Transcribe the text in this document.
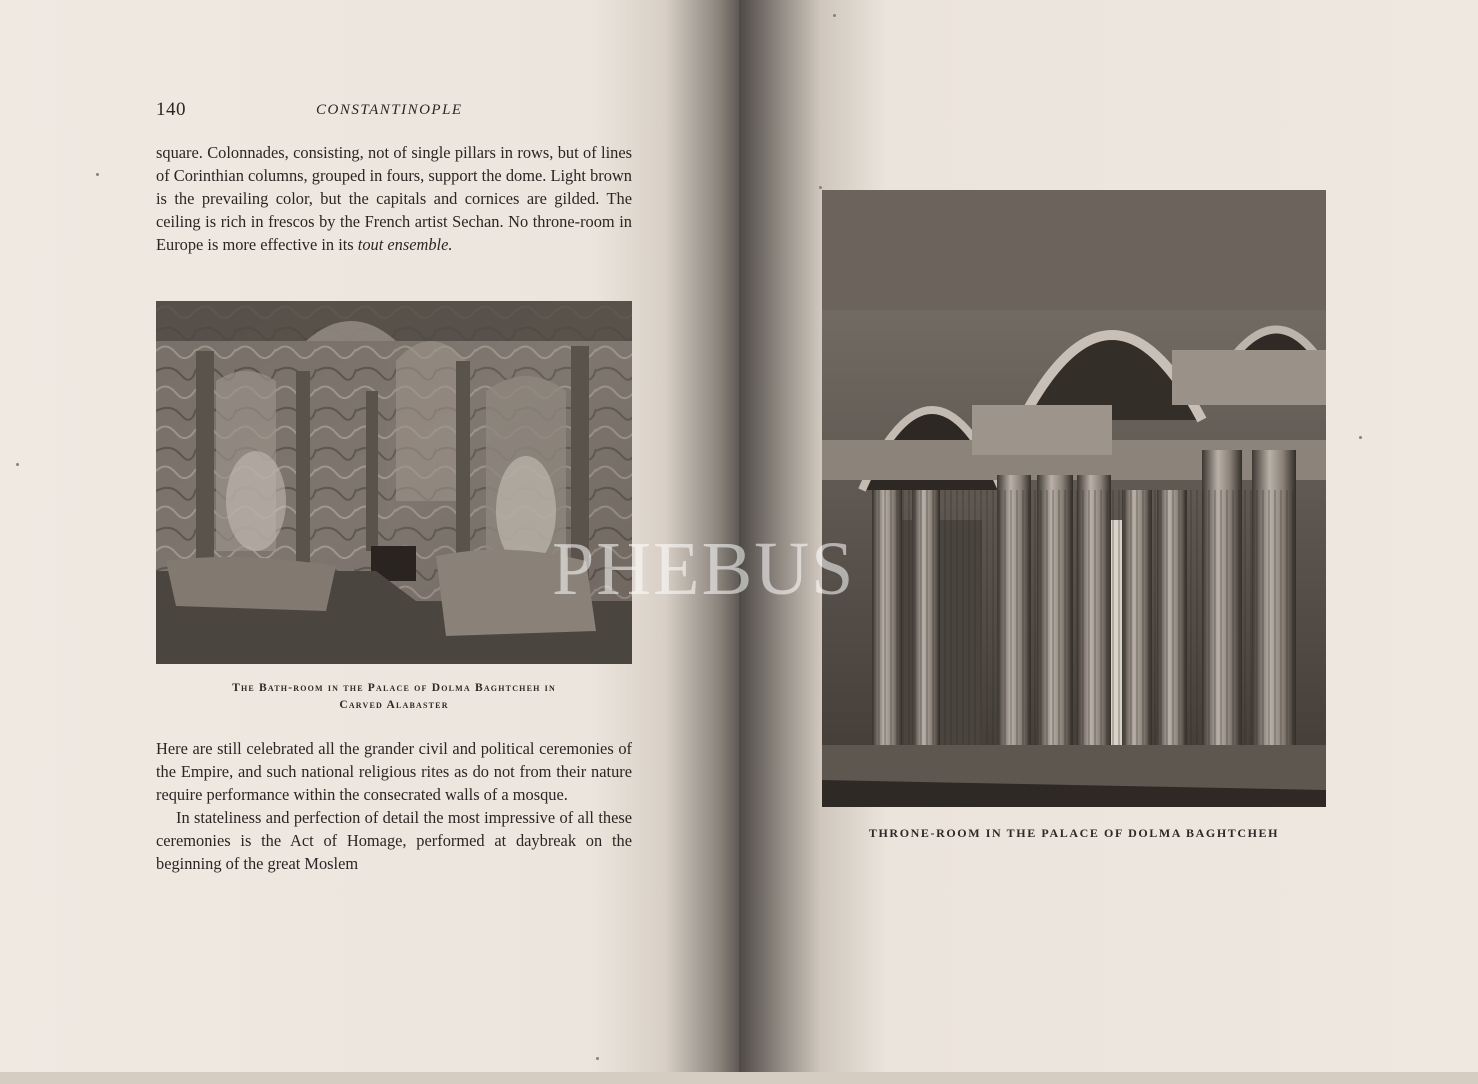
140	CONSTANTINOPLE

square. Colonnades, consisting, not of single pillars in rows, but of lines of Corinthian columns, grouped in fours, support the dome. Light brown is the prevailing color, but the capitals and cornices are gilded. The ceiling is rich in frescos by the French artist Sechan. No throne-room in Europe is more effective in its tout ensemble.

The Bath-room in the Palace of Dolma Baghtcheh in
Carved Alabaster

Here are still celebrated all the grander civil and political ceremonies of the Empire, and such national religious rites as do not from their nature require performance within the consecrated walls of a mosque.

In stateliness and perfection of detail the most impressive of all these ceremonies is the Act of Homage, performed at daybreak on the beginning of the great Moslem

THRONE-ROOM IN THE PALACE OF DOLMA BAGHTCHEH
PHEBUS
